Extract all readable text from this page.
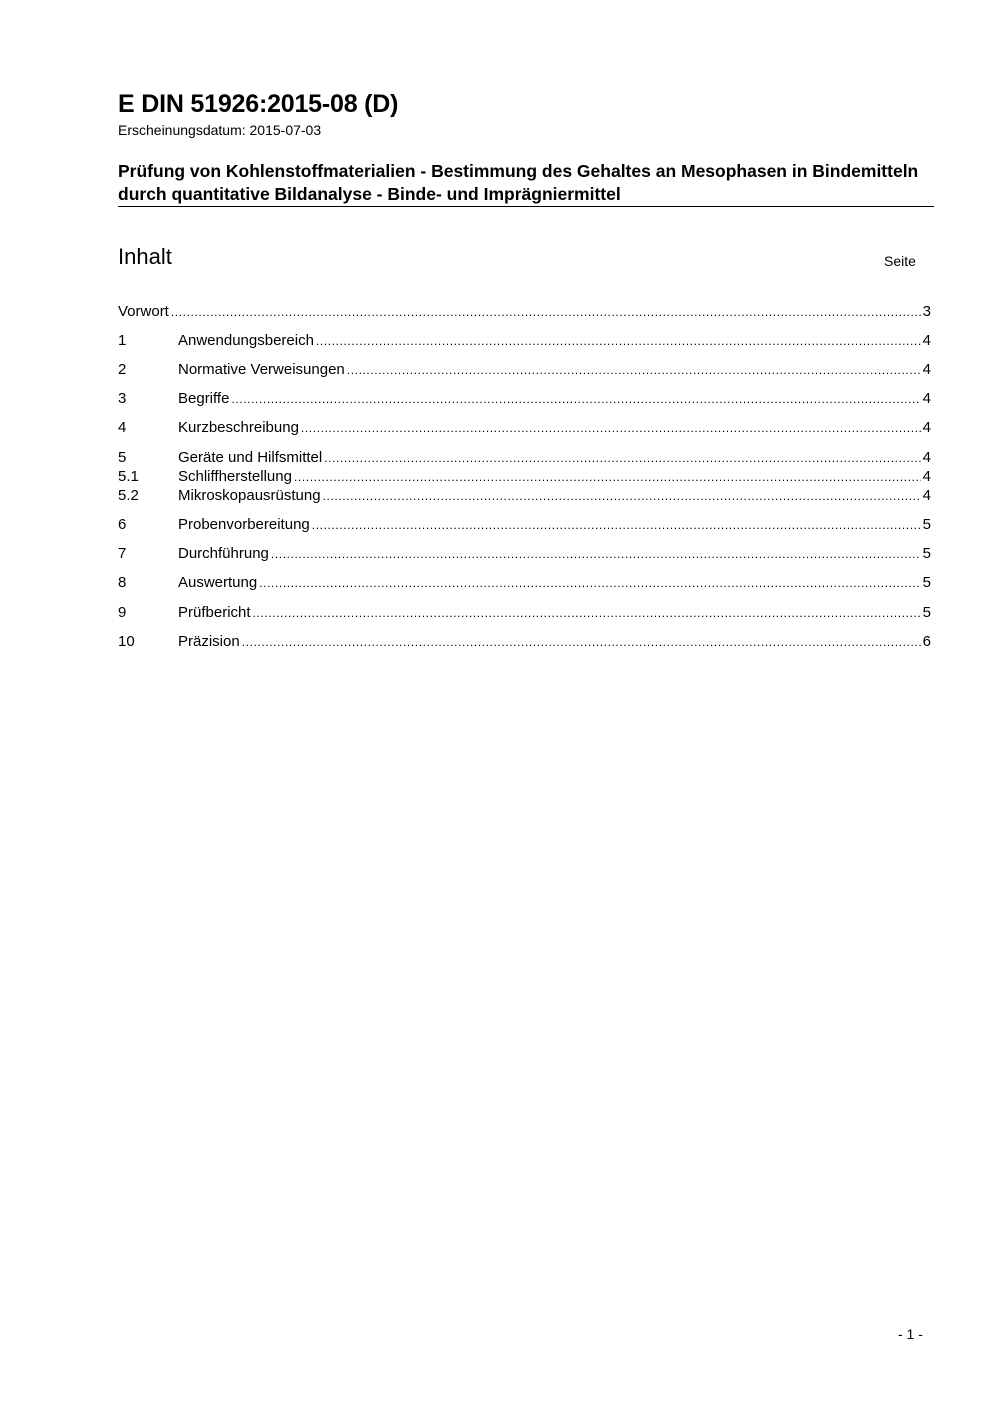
E DIN 51926:2015-08 (D)
Erscheinungsdatum: 2015-07-03
Prüfung von Kohlenstoffmaterialien - Bestimmung des Gehaltes an Mesophasen in Bindemitteln durch quantitative Bildanalyse - Binde- und Imprägniermittel
Inhalt	Seite
Vorwort .....	3
1	Anwendungsbereich .....	4
2	Normative Verweisungen .....	4
3	Begriffe .....	4
4	Kurzbeschreibung .....	4
5	Geräte und Hilfsmittel .....	4
5.1	Schliffherstellung .....	4
5.2	Mikroskopausrüstung .....	4
6	Probenvorbereitung .....	5
7	Durchführung .....	5
8	Auswertung .....	5
9	Prüfbericht .....	5
10	Präzision .....	6
- 1 -
